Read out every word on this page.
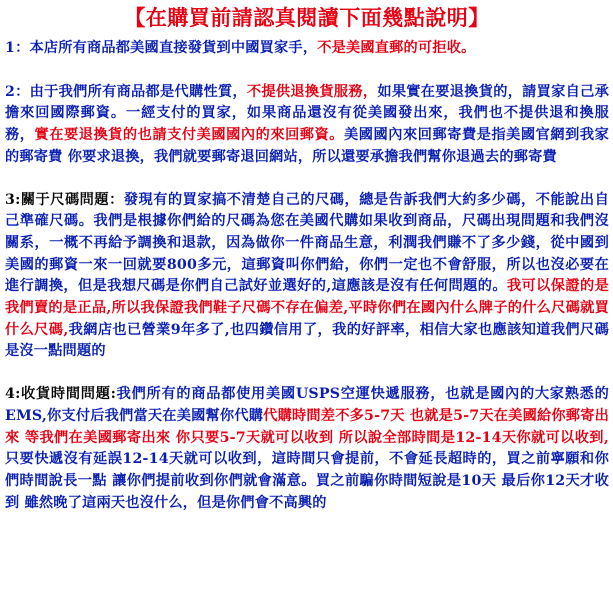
【在購買前請認真閱讀下面幾點說明】

1：本店所有商品都美國直接發貨到中國買家手，不是美國直郵的可拒收。

2：由于我們所有商品都是代購性質，不提供退換貨服務，如果實在要退換貨的，請買家自己承擔來回國際郵資。一經支付的買家，如果商品還沒有從美國發出來，我們也不提供退和換服務，實在要退換貨的也請支付美國國內的來回郵資。美國國內來回郵寄費是指美國官網到我家的郵寄費 你要求退換，我們就要郵寄退回網站，所以還要承擔我們幫你退過去的郵寄費

3:關于尺碼問題：發現有的買家搞不清楚自己的尺碼，總是告訴我們大約多少碼，不能說出自己準確尺碼。我們是根據你們給的尺碼為您在美國代購如果收到商品，尺碼出現問題和我們沒關系，一概不再給予調換和退款，因為做你一件商品生意，利潤我們賺不了多少錢，從中國到美國的郵資一來一回就要800多元，這郵資叫你們給，你們一定也不會舒服，所以也沒必要在進行調換，但是我想尺碼是你們自己試好並選好的,這應該是沒有任何問題的。我可以保證的是我們賣的是正品,所以我保證我們鞋子尺碼不存在偏差,平時你們在國內什么牌子的什么尺碼就買什么尺碼,我網店也已營業9年多了,也四鑽信用了，我的好評率，相信大家也應該知道我們尺碼是沒一點問題的

4:收貨時間問題:我們所有的商品都使用美國USPS空運快遞服務，也就是國內的大家熟悉的EMS,你支付后我們當天在美國幫你代購代購時間差不多5-7天 也就是5-7天在美國給你郵寄出來 等我們在美國郵寄出來 你只要5-7天就可以收到 所以說全部時間是12-14天你就可以收到,只要快遞沒有延誤12-14天就可以收到，這時間只會提前，不會延長超時的，買之前寧願和你們時間說長一點 讓你們提前收到你們就會滿意。買之前騙你時間短說是10天 最后你12天才收到 雖然晚了這兩天也沒什么，但是你們會不高興的
